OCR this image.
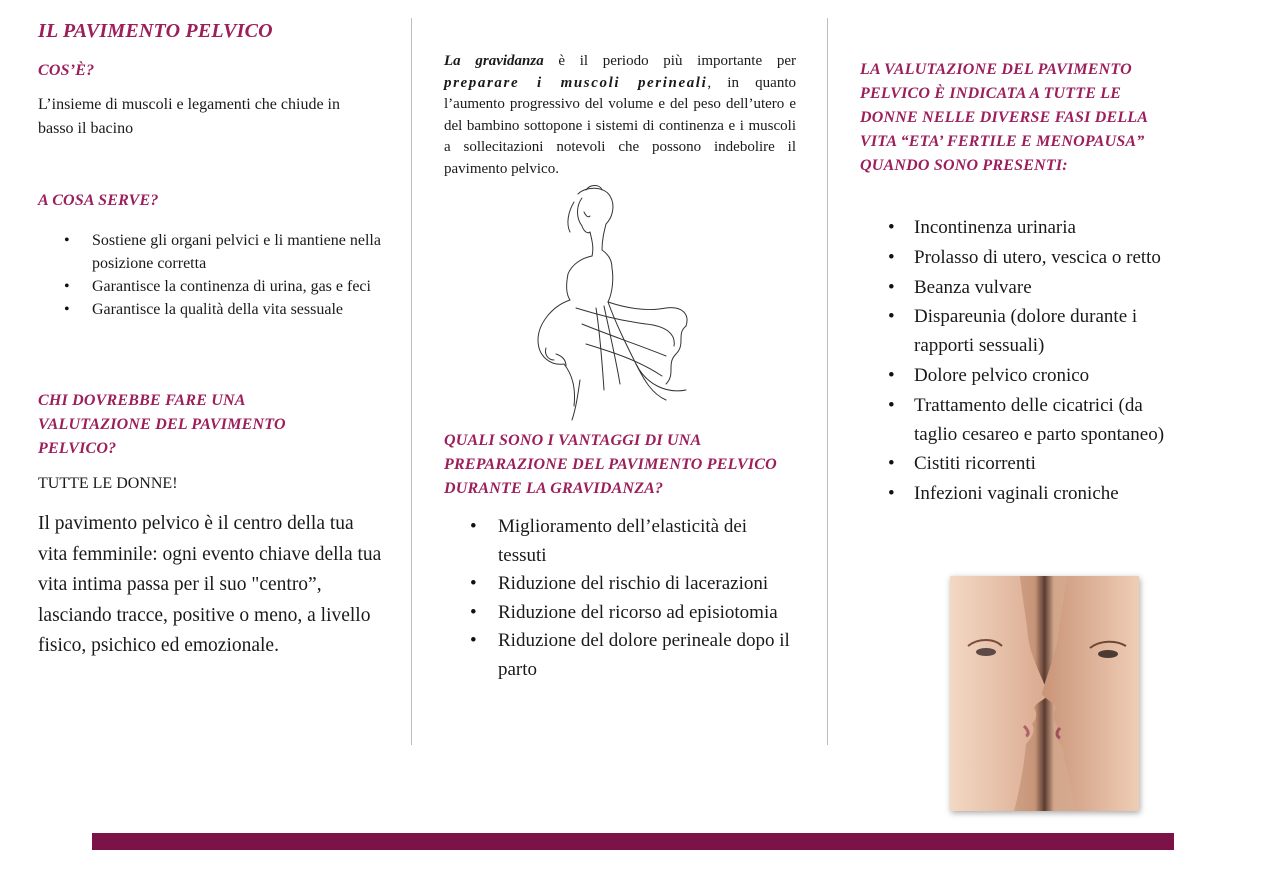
IL PAVIMENTO PELVICO
COS’È?
L’insieme di muscoli e legamenti che chiude in basso il bacino
A COSA SERVE?
• Sostiene gli organi pelvici e li mantiene nella posizione corretta
• Garantisce la continenza di urina, gas e feci
• Garantisce la qualità della vita sessuale
CHI DOVREBBE FARE UNA VALUTAZIONE DEL PAVIMENTO PELVICO?
TUTTE LE DONNE!
Il pavimento pelvico è il centro della tua vita femminile: ogni evento chiave della tua vita intima passa per il suo "centro”, lasciando tracce, positive o meno, a livello fisico, psichico ed emozionale.
La gravidanza è il periodo più importante per preparare i muscoli perineali, in quanto l’aumento progressivo del volume e del peso dell’utero e del bambino sottopone i sistemi di continenza e i muscoli a sollecitazioni notevoli che possono indebolire il pavimento pelvico.
QUALI SONO I VANTAGGI DI UNA PREPARAZIONE DEL PAVIMENTO PELVICO DURANTE LA GRAVIDANZA?
• Miglioramento dell’elasticità dei tessuti
• Riduzione del rischio di lacerazioni
• Riduzione del ricorso ad episiotomia
• Riduzione del dolore perineale dopo il parto
LA VALUTAZIONE DEL PAVIMENTO PELVICO È INDICATA A TUTTE LE DONNE NELLE DIVERSE FASI DELLA VITA “ETA’ FERTILE E MENOPAUSA” QUANDO SONO PRESENTI:
• Incontinenza urinaria
• Prolasso di utero, vescica o retto
• Beanza vulvare
• Dispareunia (dolore durante i rapporti sessuali)
• Dolore pelvico cronico
• Trattamento delle cicatrici (da taglio cesareo e parto spontaneo)
• Cistiti ricorrenti
• Infezioni vaginali croniche
